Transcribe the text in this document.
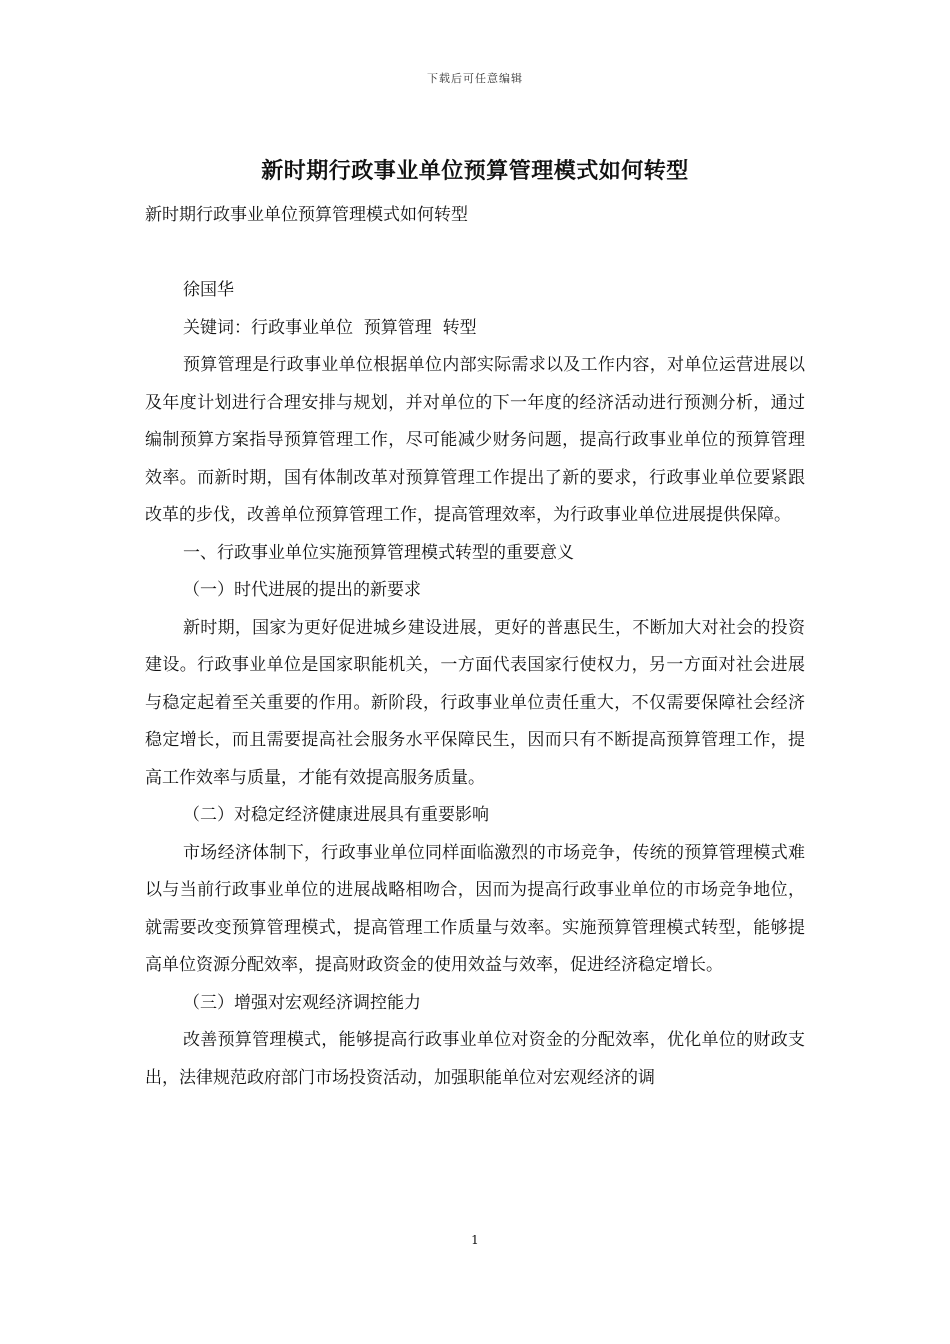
下载后可任意编辑
新时期行政事业单位预算管理模式如何转型

新时期行政事业单位预算管理模式如何转型

徐国华

关键词：行政事业单位  预算管理  转型

预算管理是行政事业单位根据单位内部实际需求以及工作内容，对单位运营进展以及年度计划进行合理安排与规划，并对单位的下一年度的经济活动进行预测分析，通过编制预算方案指导预算管理工作，尽可能减少财务问题，提高行政事业单位的预算管理效率。而新时期，国有体制改革对预算管理工作提出了新的要求，行政事业单位要紧跟改革的步伐，改善单位预算管理工作，提高管理效率，为行政事业单位进展提供保障。

一、行政事业单位实施预算管理模式转型的重要意义

（一）时代进展的提出的新要求

新时期，国家为更好促进城乡建设进展，更好的普惠民生，不断加大对社会的投资建设。行政事业单位是国家职能机关，一方面代表国家行使权力，另一方面对社会进展与稳定起着至关重要的作用。新阶段，行政事业单位责任重大，不仅需要保障社会经济稳定增长，而且需要提高社会服务水平保障民生，因而只有不断提高预算管理工作，提高工作效率与质量，才能有效提高服务质量。

（二）对稳定经济健康进展具有重要影响

市场经济体制下，行政事业单位同样面临激烈的市场竞争，传统的预算管理模式难以与当前行政事业单位的进展战略相吻合，因而为提高行政事业单位的市场竞争地位，就需要改变预算管理模式，提高管理工作质量与效率。实施预算管理模式转型，能够提高单位资源分配效率，提高财政资金的使用效益与效率，促进经济稳定增长。

（三）增强对宏观经济调控能力

改善预算管理模式，能够提高行政事业单位对资金的分配效率，优化单位的财政支出，法律规范政府部门市场投资活动，加强职能单位对宏观经济的调

1
